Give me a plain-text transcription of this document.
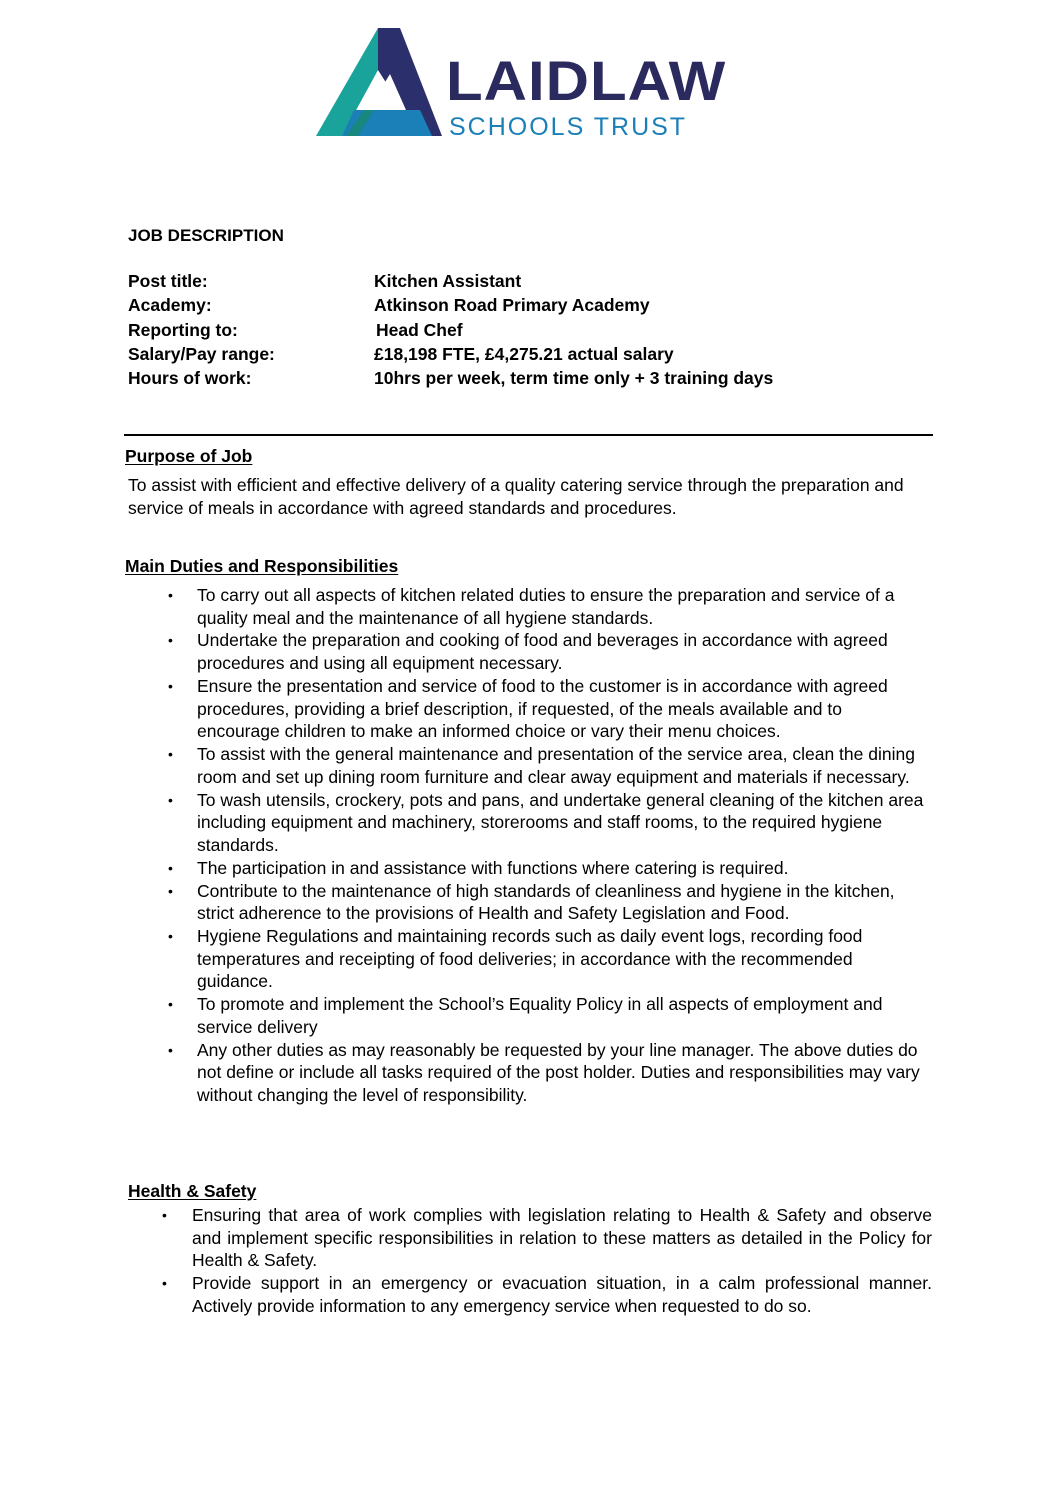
LAIDLAW
SCHOOLS TRUST
JOB DESCRIPTION
Post title:	Kitchen Assistant
Academy:	Atkinson Road Primary Academy
Reporting to:	Head Chef
Salary/Pay range:	£18,198 FTE, £4,275.21 actual salary
Hours of work:	10hrs per week, term time only + 3 training days
Purpose of Job

To assist with efficient and effective delivery of a quality catering service through the preparation and service of meals in accordance with agreed standards and procedures.

Main Duties and Responsibilities
• To carry out all aspects of kitchen related duties to ensure the preparation and service of a quality meal and the maintenance of all hygiene standards.
• Undertake the preparation and cooking of food and beverages in accordance with agreed procedures and using all equipment necessary.
• Ensure the presentation and service of food to the customer is in accordance with agreed procedures, providing a brief description, if requested, of the meals available and to encourage children to make an informed choice or vary their menu choices.
• To assist with the general maintenance and presentation of the service area, clean the dining room and set up dining room furniture and clear away equipment and materials if necessary.
• To wash utensils, crockery, pots and pans, and undertake general cleaning of the kitchen area including equipment and machinery, storerooms and staff rooms, to the required hygiene standards.
• The participation in and assistance with functions where catering is required.
• Contribute to the maintenance of high standards of cleanliness and hygiene in the kitchen, strict adherence to the provisions of Health and Safety Legislation and Food.
• Hygiene Regulations and maintaining records such as daily event logs, recording food temperatures and receipting of food deliveries; in accordance with the recommended guidance.
• To promote and implement the School’s Equality Policy in all aspects of employment and service delivery
• Any other duties as may reasonably be requested by your line manager. The above duties do not define or include all tasks required of the post holder. Duties and responsibilities may vary without changing the level of responsibility.
Health & Safety
• Ensuring that area of work complies with legislation relating to Health & Safety and observe and implement specific responsibilities in relation to these matters as detailed in the Policy for Health & Safety.
• Provide support in an emergency or evacuation situation, in a calm professional manner. Actively provide information to any emergency service when requested to do so.
